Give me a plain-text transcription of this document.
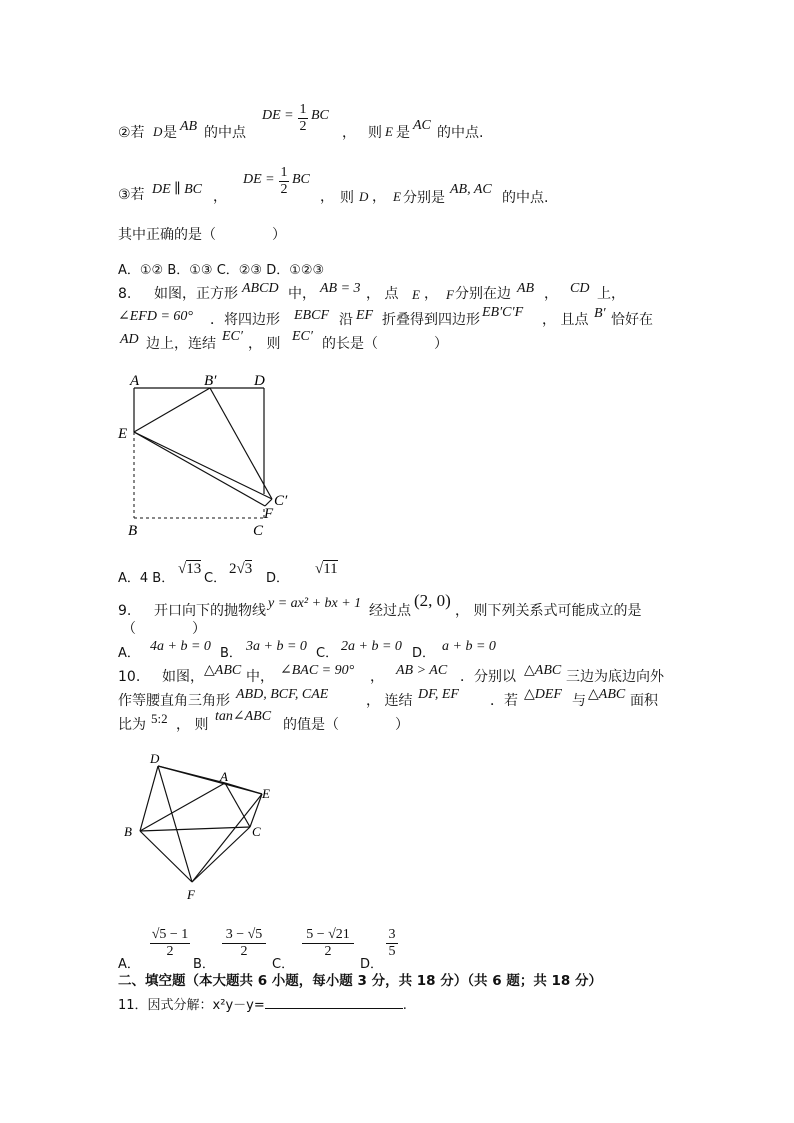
②若 D 是 AB 的中点
DE = 1
2
BC
， 则 E 是 AC 的中点.
③若 DE ∥ BC ，
DE = 1
2
BC
， 则 D ， E 分别是
AB, AC
的中点.
其中正确的是（　　　　）
A．①② B．①③ C．②③ D．①②③
8. 如图，正方形 ABCD 中， AB = 3 ， 点 E ， F 分别在边 AB ， CD 上，
∠EFD = 60° ．将四边形 EBCF 沿 EF 折叠得到四边形 EB′C′F ， 且点 B′ 恰好在
AD 边上，连结 EC′ ， 则 EC′ 的长是（　　　　）
A	B′	D
E
C′
F
B	C
A．4 B．
√13
C．
2√3
D．
√11
9. 开口向下的抛物线 y = ax² + bx + 1 经过点
(2, 0)
， 则下列关系式可能成立的是
（　　　　）
A． 4a + b = 0 B． 3a + b = 0 C． 2a + b = 0 D． a + b = 0
10. 如图， △ABC 中， ∠BAC = 90° ， AB > AC ．分别以 △ABC 三边为底边向外
作等腰直角三角形 ABD, BCF, CAE	， 连结 DF, EF ．若 △DEF 与 △ABC 面积
比为 5:2 ， 则
tan∠ABC
的值是（　　　　）
D
A
E
B	C
F
A．
√5 − 1
2
B．
3 − √5
2
C．
5 − √21
2
D．
3
5
二、填空题（本大题共 6 小题，每小题 3 分，共 18 分）（共 6 题；共 18 分）
11．因式分解：x²y－y=	.
